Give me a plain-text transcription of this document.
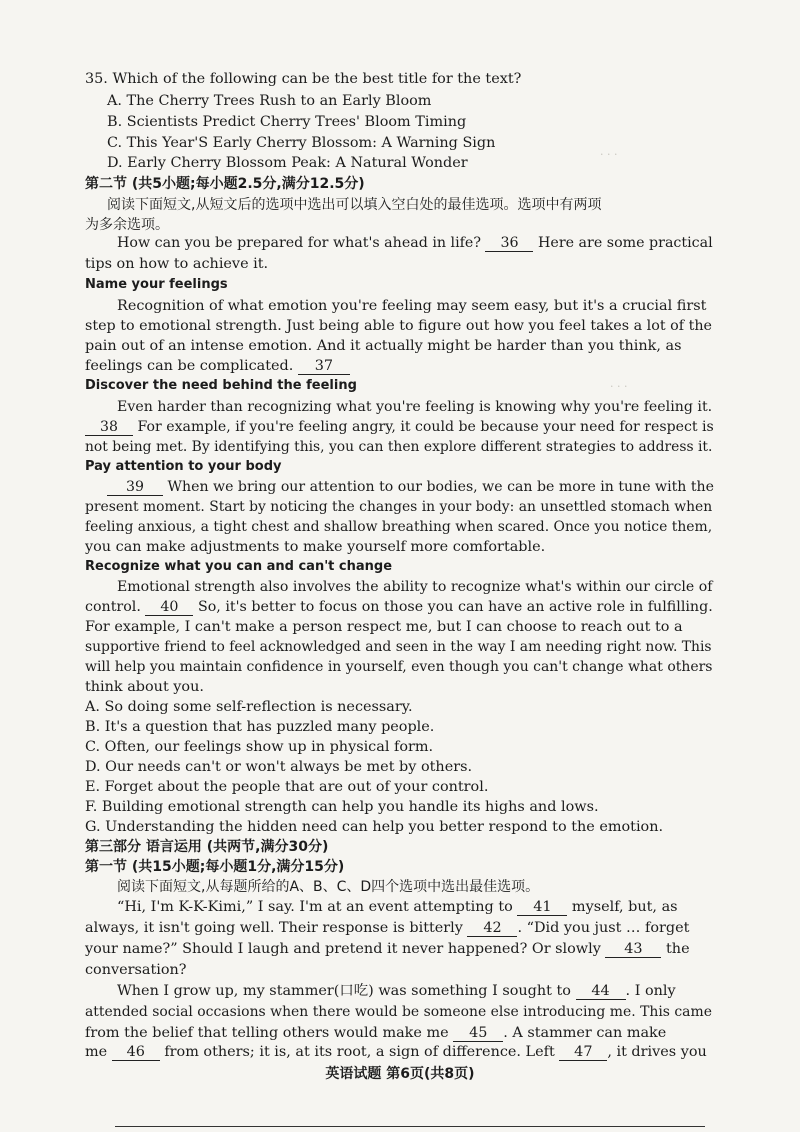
· · ·
· · ·
35. Which of the following can be the best title for the text?
A. The Cherry Trees Rush to an Early Bloom
B. Scientists Predict Cherry Trees' Bloom Timing
C. This Year'S Early Cherry Blossom: A Warning Sign
D. Early Cherry Blossom Peak: A Natural Wonder
第二节 (共5小题;每小题2.5分,满分12.5分)
阅读下面短文,从短文后的选项中选出可以填入空白处的最佳选项。选项中有两项
为多余选项。
How can you be prepared for what's ahead in life? 36 Here are some practical
tips on how to achieve it.
Name your feelings
Recognition of what emotion you're feeling may seem easy, but it's a crucial first
step to emotional strength. Just being able to figure out how you feel takes a lot of the
pain out of an intense emotion. And it actually might be harder than you think, as
feelings can be complicated. 37
Discover the need behind the feeling
Even harder than recognizing what you're feeling is knowing why you're feeling it.
38 For example, if you're feeling angry, it could be because your need for respect is
not being met. By identifying this, you can then explore different strategies to address it.
Pay attention to your body
39 When we bring our attention to our bodies, we can be more in tune with the
present moment. Start by noticing the changes in your body: an unsettled stomach when
feeling anxious, a tight chest and shallow breathing when scared. Once you notice them,
you can make adjustments to make yourself more comfortable.
Recognize what you can and can't change
Emotional strength also involves the ability to recognize what's within our circle of
control. 40 So, it's better to focus on those you can have an active role in fulfilling.
For example, I can't make a person respect me, but I can choose to reach out to a
supportive friend to feel acknowledged and seen in the way I am needing right now. This
will help you maintain confidence in yourself, even though you can't change what others
think about you.
A. So doing some self-reflection is necessary.
B. It's a question that has puzzled many people.
C. Often, our feelings show up in physical form.
D. Our needs can't or won't always be met by others.
E. Forget about the people that are out of your control.
F. Building emotional strength can help you handle its highs and lows.
G. Understanding the hidden need can help you better respond to the emotion.
第三部分 语言运用 (共两节,满分30分)
第一节 (共15小题;每小题1分,满分15分)
阅读下面短文,从每题所给的A、B、C、D四个选项中选出最佳选项。
“Hi, I'm K-K-Kimi,” I say. I'm at an event attempting to 41 myself, but, as
always, it isn't going well. Their response is bitterly 42 . “Did you just … forget
your name?” Should I laugh and pretend it never happened? Or slowly 43 the
conversation?
When I grow up, my stammer(口吃) was something I sought to 44 . I only
attended social occasions when there would be someone else introducing me. This came
from the belief that telling others would make me 45 . A stammer can make
me 46 from others; it is, at its root, a sign of difference. Left 47 , it drives you
英语试题 第6页(共8页)
